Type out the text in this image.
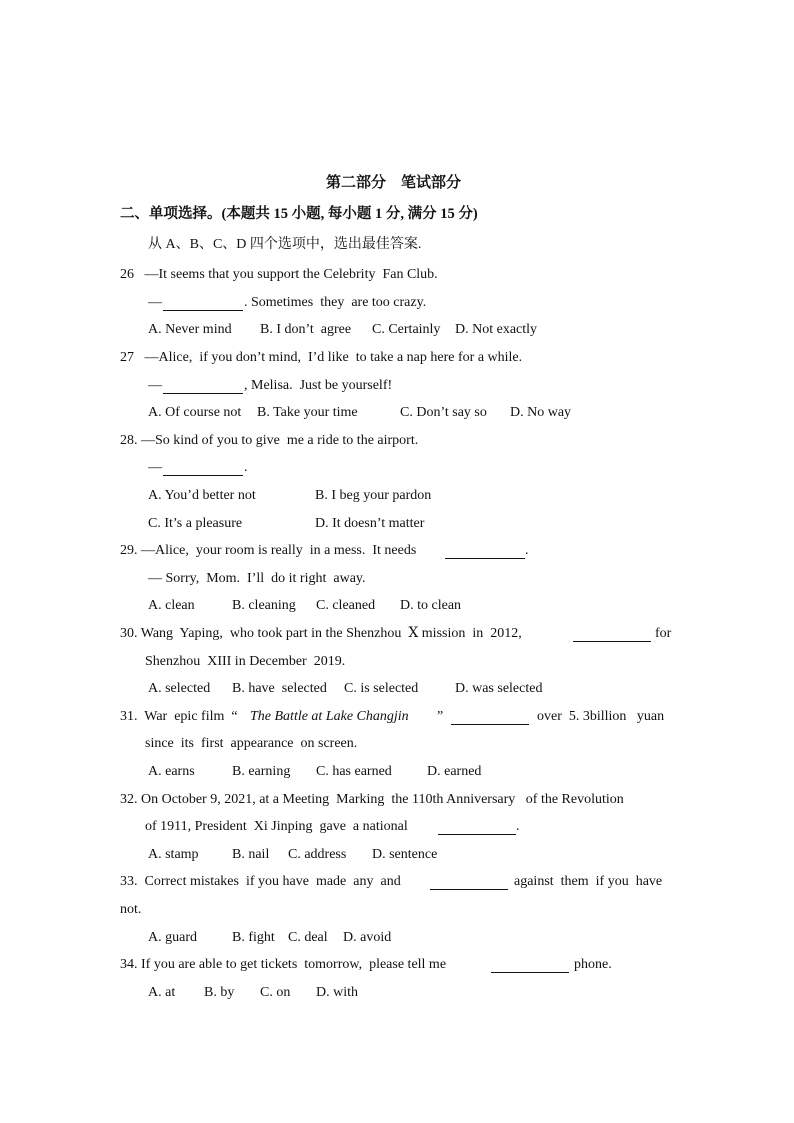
第二部分　笔试部分
二、单项选择。(本题共 15 小题, 每小题 1 分, 满分 15 分)
从 A、B、C、D 四个选项中，选出最佳答案.
26   —It seems that you support the Celebrity  Fan Club.
—	. Sometimes  they  are too crazy.
A. Never mind B. I don’t  agree C. Certainly D. Not exactly
27   —Alice,  if you don’t mind,  I’d like  to take a nap here for a while.
—	, Melisa.  Just be yourself!
A. Of course not B. Take your time	C. Don’t say so D. No way
28. —So kind of you to give  me a ride to the airport.
—	.
A. You’d better not	B. I beg your pardon
C. It’s a pleasure	D. It doesn’t matter
29. —Alice,  your room is really  in a mess.  It needs	.
— Sorry,  Mom.  I’ll  do it right  away.
A. clean	B. cleaning C. cleaned D. to clean
30. Wang  Yaping,  who took part in the Shenzhou  Ⅹ mission  in  2012,	for
Shenzhou  XIII in December  2019.
A. selected B. have  selected C. is selected	D. was selected
31.  War  epic film  “ The Battle at Lake Changjin ”	over  5. 3billion   yuan
since  its  first  appearance  on screen.
A. earns	B. earning C. has earned	D. earned
32. On October 9, 2021, at a Meeting  Marking  the 110th Anniversary   of the Revolution
of 1911, President  Xi Jinping  gave  a national	.
A. stamp B. nail C. address D. sentence
33.  Correct mistakes  if you have  made  any  and	against  them  if you  have
not.
A. guard	B. fight C. deal D. avoid
34. If you are able to get tickets  tomorrow,  please tell me	phone.
A. at B. by C. on D. with
